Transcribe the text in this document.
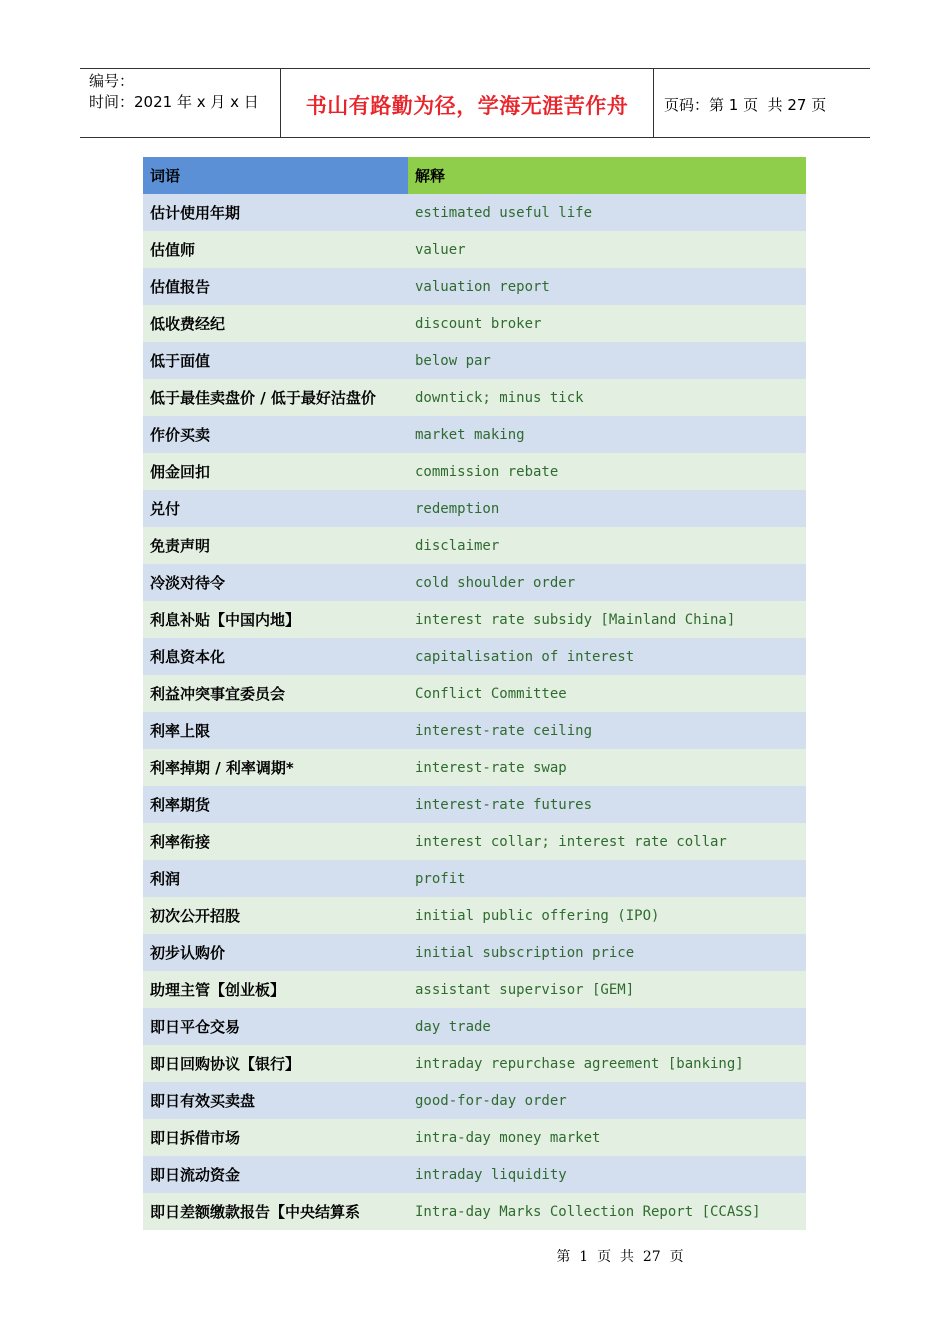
编号：
时间：2021 年 x 月 x 日	书山有路勤为径，学海无涯苦作舟	页码：第 1 页  共 27 页
词语	解释
估计使用年期	estimated useful life
估值师	valuer
估值报告	valuation report
低收费经纪	discount broker
低于面值	below par
低于最佳卖盘价 / 低于最好沽盘价	downtick; minus tick
作价买卖	market making
佣金回扣	commission rebate
兑付	redemption
免责声明	disclaimer
冷淡对待令	cold shoulder order
利息补贴【中国内地】	interest rate subsidy [Mainland China]
利息资本化	capitalisation of interest
利益冲突事宜委员会	Conflict Committee
利率上限	interest-rate ceiling
利率掉期 / 利率调期*	interest-rate swap
利率期货	interest-rate futures
利率衔接	interest collar; interest rate collar
利润	profit
初次公开招股	initial public offering (IPO)
初步认购价	initial subscription price
助理主管【创业板】	assistant supervisor [GEM]
即日平仓交易	day trade
即日回购协议【银行】	intraday repurchase agreement [banking]
即日有效买卖盘	good-for-day order
即日拆借市场	intra-day money market
即日流动资金	intraday liquidity
即日差额缴款报告【中央结算系	Intra-day Marks Collection Report [CCASS]
第  1  页  共  27  页
